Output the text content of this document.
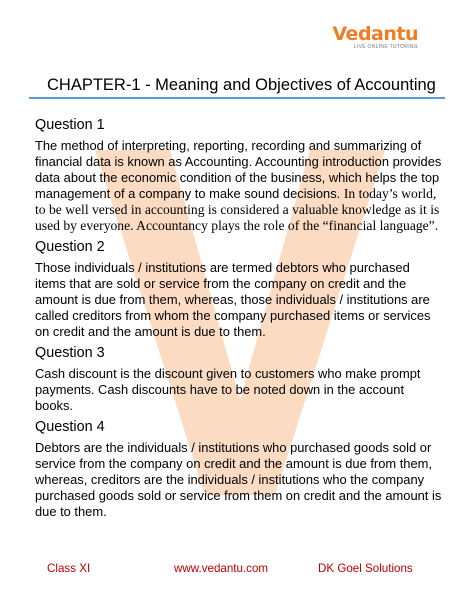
Vedantu
LIVE ONLINE TUTORING
CHAPTER-1 - Meaning and Objectives of Accounting
Question 1
The method of interpreting, reporting, recording and summarizing of financial data is known as Accounting. Accounting introduction provides data about the economic condition of the business, which helps the top management of a company to make sound decisions. In today’s world, to be well versed in accounting is considered a valuable knowledge as it is used by everyone. Accountancy plays the role of the “financial language”.
Question 2
Those individuals / institutions are termed debtors who purchased items that are sold or service from the company on credit and the amount is due from them, whereas, those individuals / institutions are called creditors from whom the company purchased items or services on credit and the amount is due to them.
Question 3
Cash discount is the discount given to customers who make prompt payments. Cash discounts have to be noted down in the account books.
Question 4
Debtors are the individuals / institutions who purchased goods sold or service from the company on credit and the amount is due from them, whereas, creditors are the individuals / institutions who the company purchased goods sold or service from them on credit and the amount is due to them.
Class XI	www.vedantu.com	DK Goel Solutions
